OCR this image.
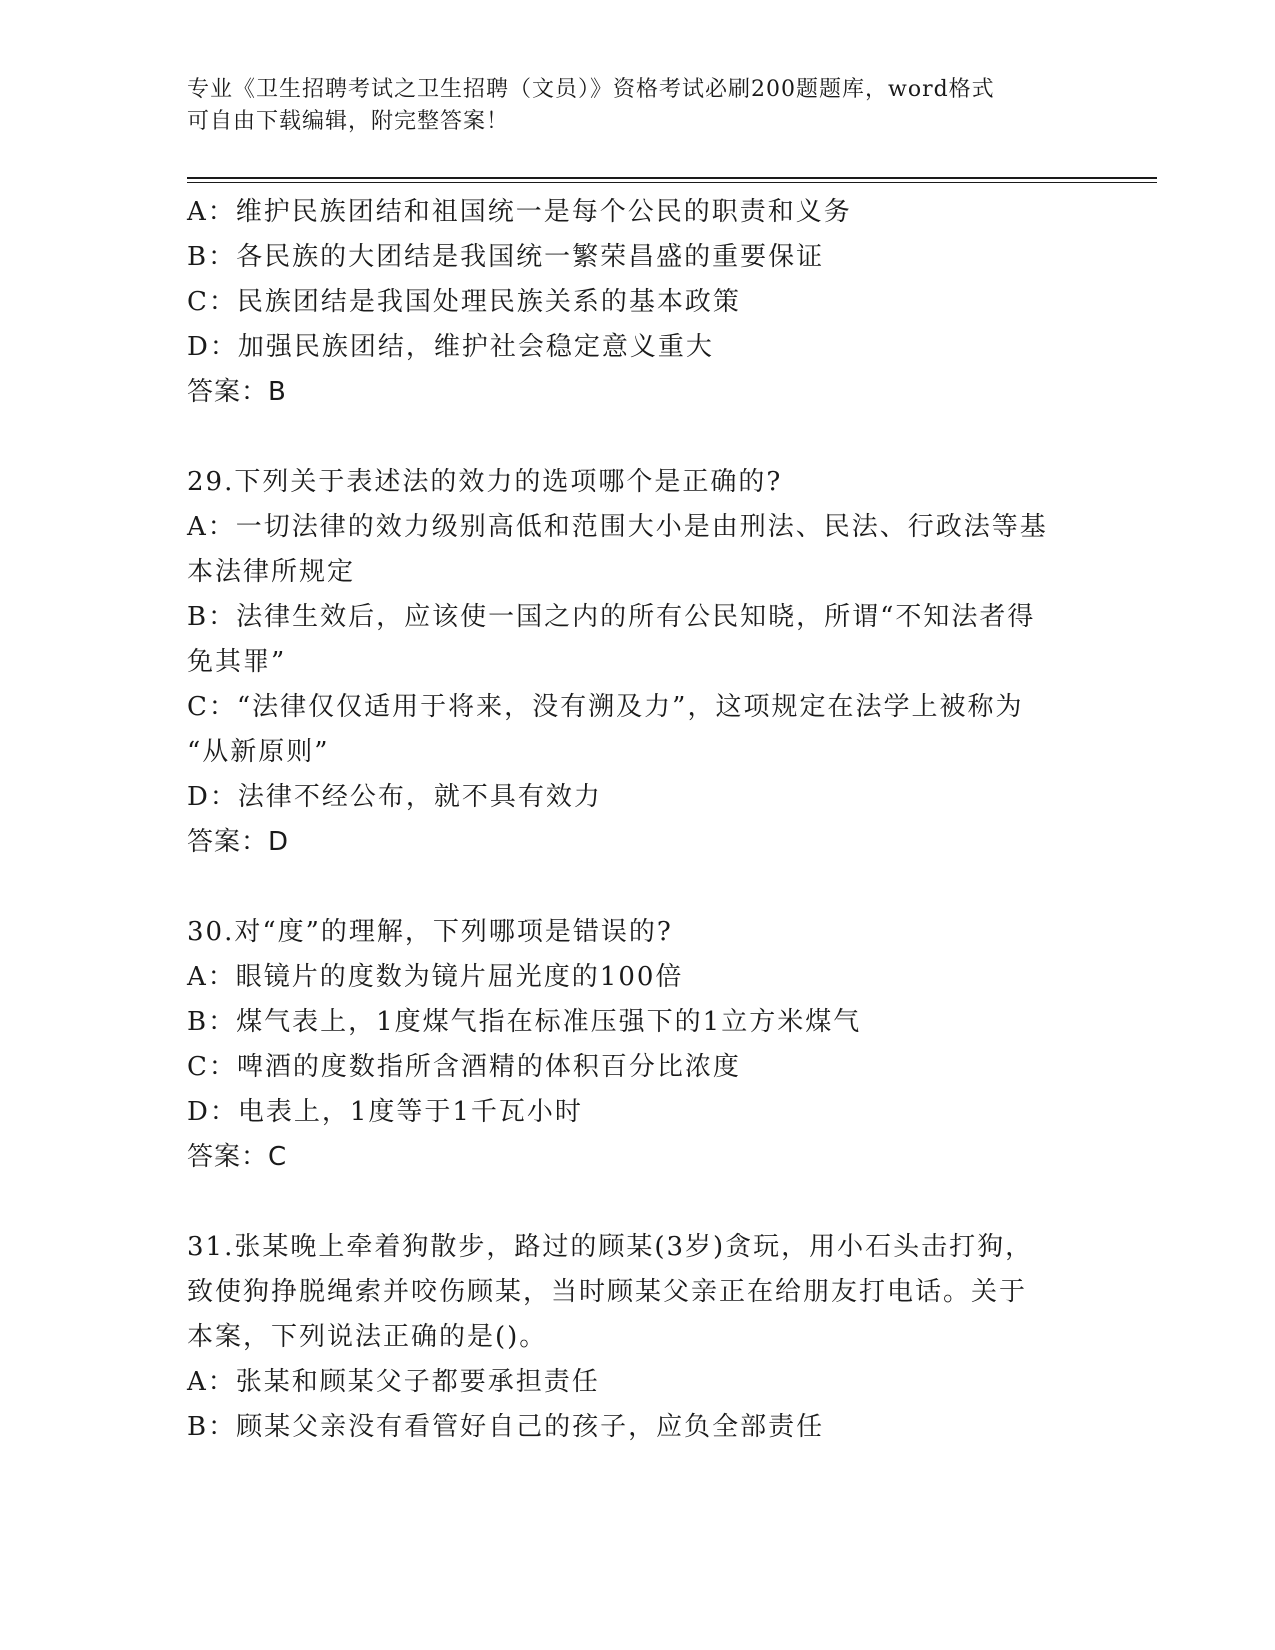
专业《卫生招聘考试之卫生招聘（文员）》资格考试必刷200题题库，word格式
可自由下载编辑，附完整答案！

A：维护民族团结和祖国统一是每个公民的职责和义务

B：各民族的大团结是我国统一繁荣昌盛的重要保证

C：民族团结是我国处理民族关系的基本政策

D：加强民族团结，维护社会稳定意义重大

答案：B

29.下列关于表述法的效力的选项哪个是正确的?

A：一切法律的效力级别高低和范围大小是由刑法、民法、行政法等基

本法律所规定

B：法律生效后，应该使一国之内的所有公民知晓，所谓“不知法者得

免其罪”

C：“法律仅仅适用于将来，没有溯及力”，这项规定在法学上被称为

“从新原则”

D：法律不经公布，就不具有效力

答案：D

30.对“度”的理解，下列哪项是错误的?

A：眼镜片的度数为镜片屈光度的100倍

B：煤气表上，1度煤气指在标准压强下的1立方米煤气

C：啤酒的度数指所含酒精的体积百分比浓度

D：电表上，1度等于1千瓦小时

答案：C

31.张某晚上牵着狗散步，路过的顾某(3岁)贪玩，用小石头击打狗，

致使狗挣脱绳索并咬伤顾某，当时顾某父亲正在给朋友打电话。关于

本案，下列说法正确的是()。

A：张某和顾某父子都要承担责任

B：顾某父亲没有看管好自己的孩子，应负全部责任
